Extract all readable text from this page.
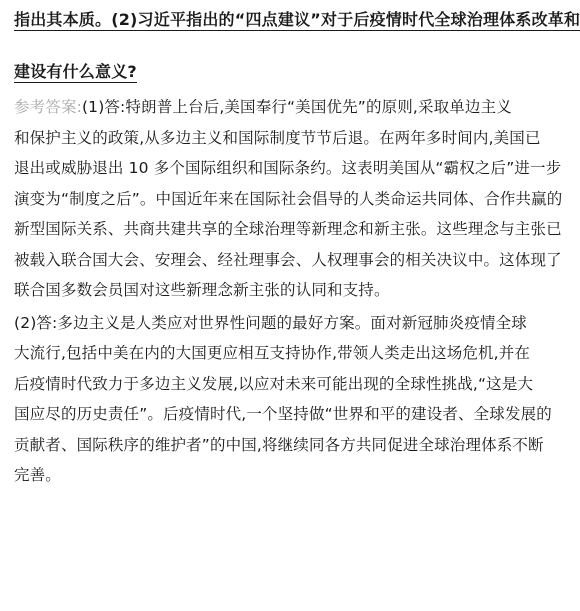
指出其本质。(2)习近平指出的“四点建议”对于后疫情时代全球治理体系改革和
建设有什么意义?
参考答案:(1)答:特朗普上台后,美国奉行“美国优先”的原则,采取单边主义
和保护主义的政策,从多边主义和国际制度节节后退。在两年多时间内,美国已
退出或威胁退出 10 多个国际组织和国际条约。这表明美国从“霸权之后”进一步
演变为“制度之后”。中国近年来在国际社会倡导的人类命运共同体、合作共赢的
新型国际关系、共商共建共享的全球治理等新理念和新主张。这些理念与主张已
被载入联合国大会、安理会、经社理事会、人权理事会的相关决议中。这体现了
联合国多数会员国对这些新理念新主张的认同和支持。
(2)答:多边主义是人类应对世界性问题的最好方案。面对新冠肺炎疫情全球
大流行,包括中美在内的大国更应相互支持协作,带领人类走出这场危机,并在
后疫情时代致力于多边主义发展,以应对未来可能出现的全球性挑战,“这是大
国应尽的历史责任”。后疫情时代,一个坚持做“世界和平的建设者、全球发展的
贡献者、国际秩序的维护者”的中国,将继续同各方共同促进全球治理体系不断
完善。
